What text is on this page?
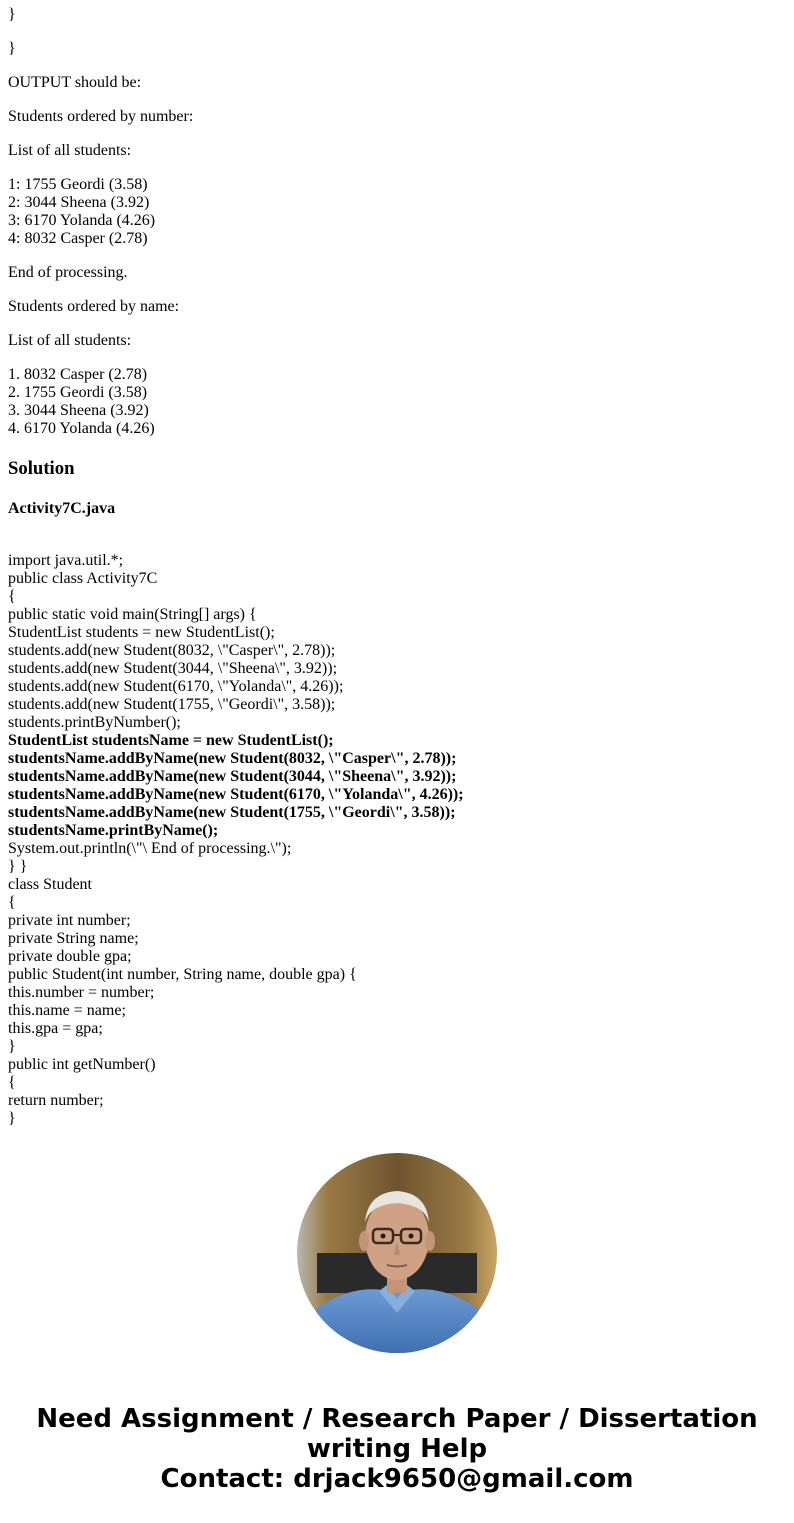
}
}

OUTPUT should be:

Students ordered by number:

List of all students:

1: 1755 Geordi (3.58)
2: 3044 Sheena (3.92)
3: 6170 Yolanda (4.26)
4: 8032 Casper (2.78)

End of processing.

Students ordered by name:

List of all students:

1. 8032 Casper (2.78)
2. 1755 Geordi (3.58)
3. 3044 Sheena (3.92)
4. 6170 Yolanda (4.26)
Solution
Activity7C.java
import java.util.*;
public class Activity7C
{
public static void main(String[] args) {
StudentList students = new StudentList();
students.add(new Student(8032, \"Casper\", 2.78));
students.add(new Student(3044, \"Sheena\", 3.92));
students.add(new Student(6170, \"Yolanda\", 4.26));
students.add(new Student(1755, \"Geordi\", 3.58));
students.printByNumber();
StudentList studentsName = new StudentList();
studentsName.addByName(new Student(8032, \"Casper\", 2.78));
studentsName.addByName(new Student(3044, \"Sheena\", 3.92));
studentsName.addByName(new Student(6170, \"Yolanda\", 4.26));
studentsName.addByName(new Student(1755, \"Geordi\", 3.58));
studentsName.printByName();
System.out.println(\"\ End of processing.\");
} }
class Student
{
private int number;
private String name;
private double gpa;
public Student(int number, String name, double gpa) {
this.number = number;
this.name = name;
this.gpa = gpa;
}
public int getNumber()
{
return number;
}
Need Assignment / Research Paper / Dissertation
writing Help
Contact: drjack9650@gmail.com
